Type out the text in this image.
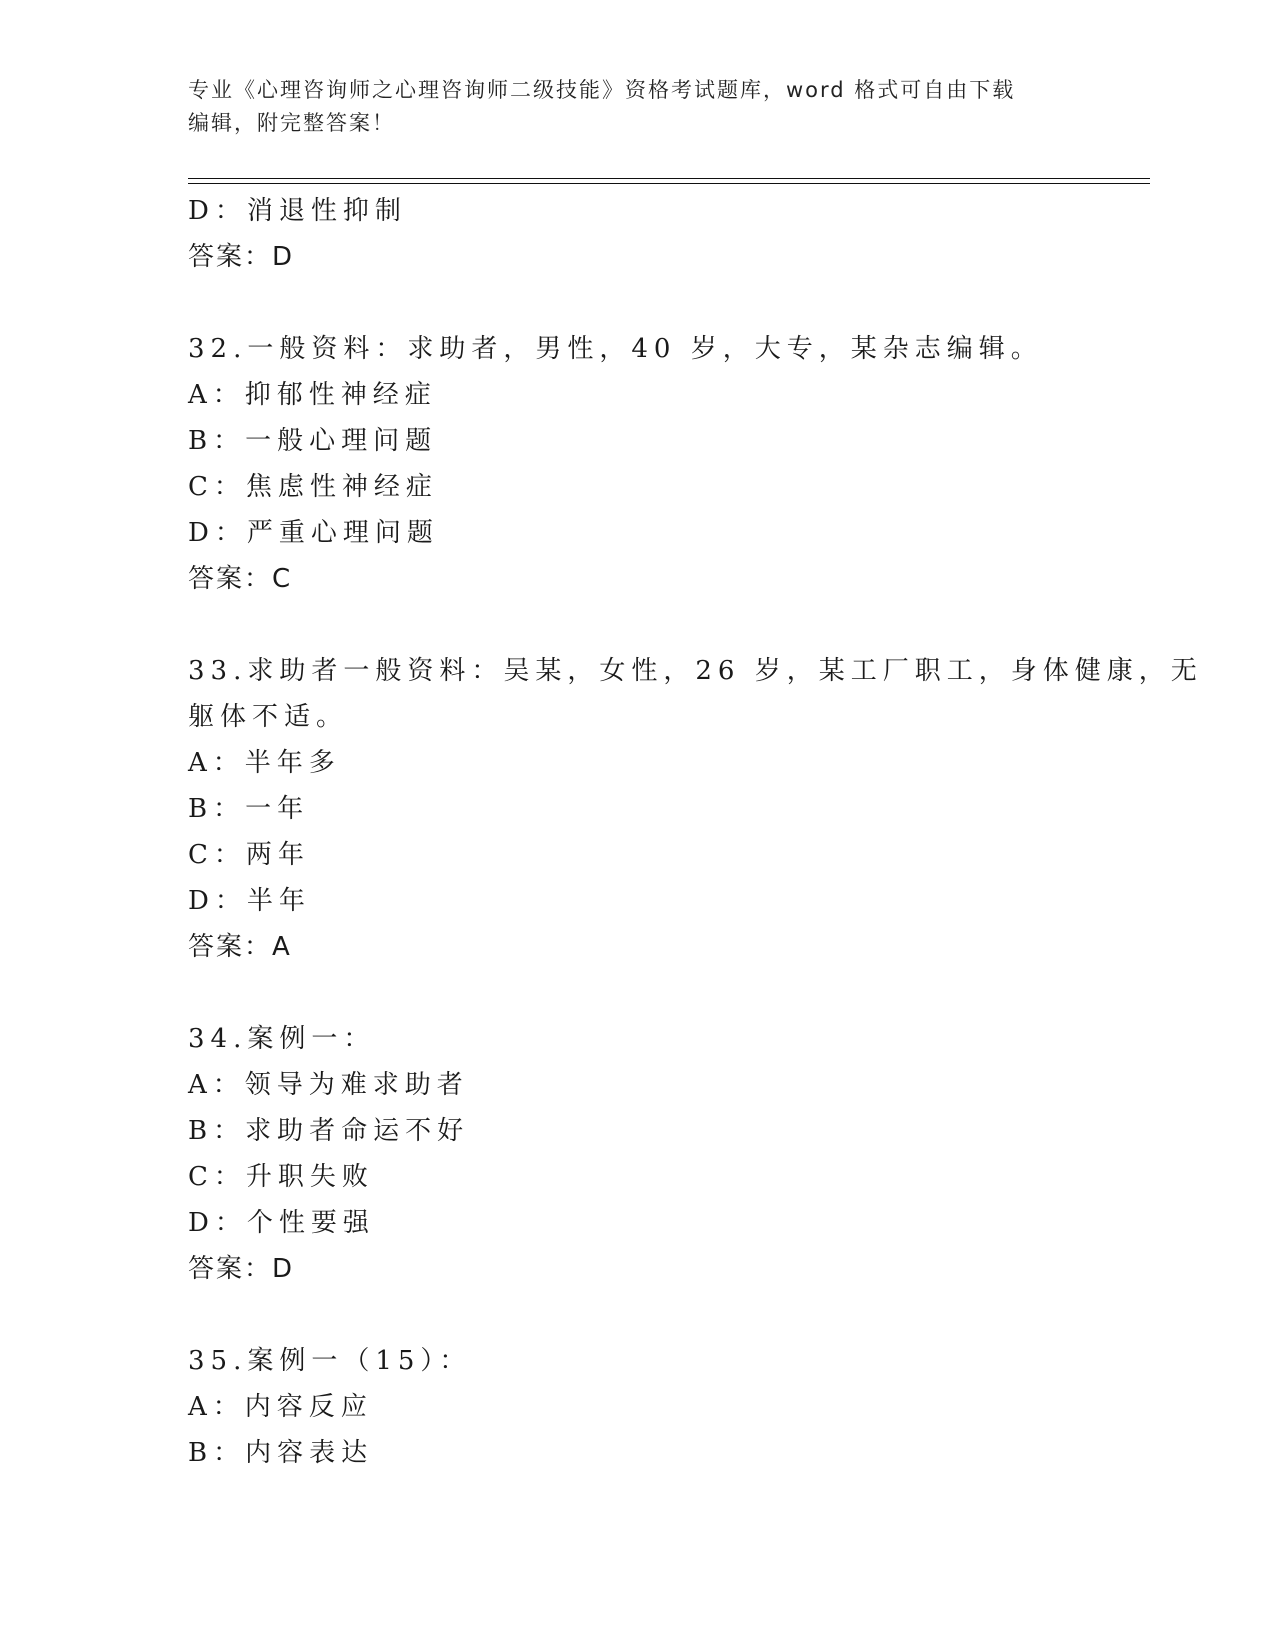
专业《心理咨询师之心理咨询师二级技能》资格考试题库，word 格式可自由下载
编辑，附完整答案！
D：消退性抑制
答案：D
32.一般资料：求助者，男性，40 岁，大专，某杂志编辑。
A：抑郁性神经症
B：一般心理问题
C：焦虑性神经症
D：严重心理问题
答案：C
33.求助者一般资料：吴某，女性，26 岁，某工厂职工，身体健康，无
躯体不适。
A：半年多
B：一年
C：两年
D：半年
答案：A
34.案例一：
A：领导为难求助者
B：求助者命运不好
C：升职失败
D：个性要强
答案：D
35.案例一（15）：
A：内容反应
B：内容表达
